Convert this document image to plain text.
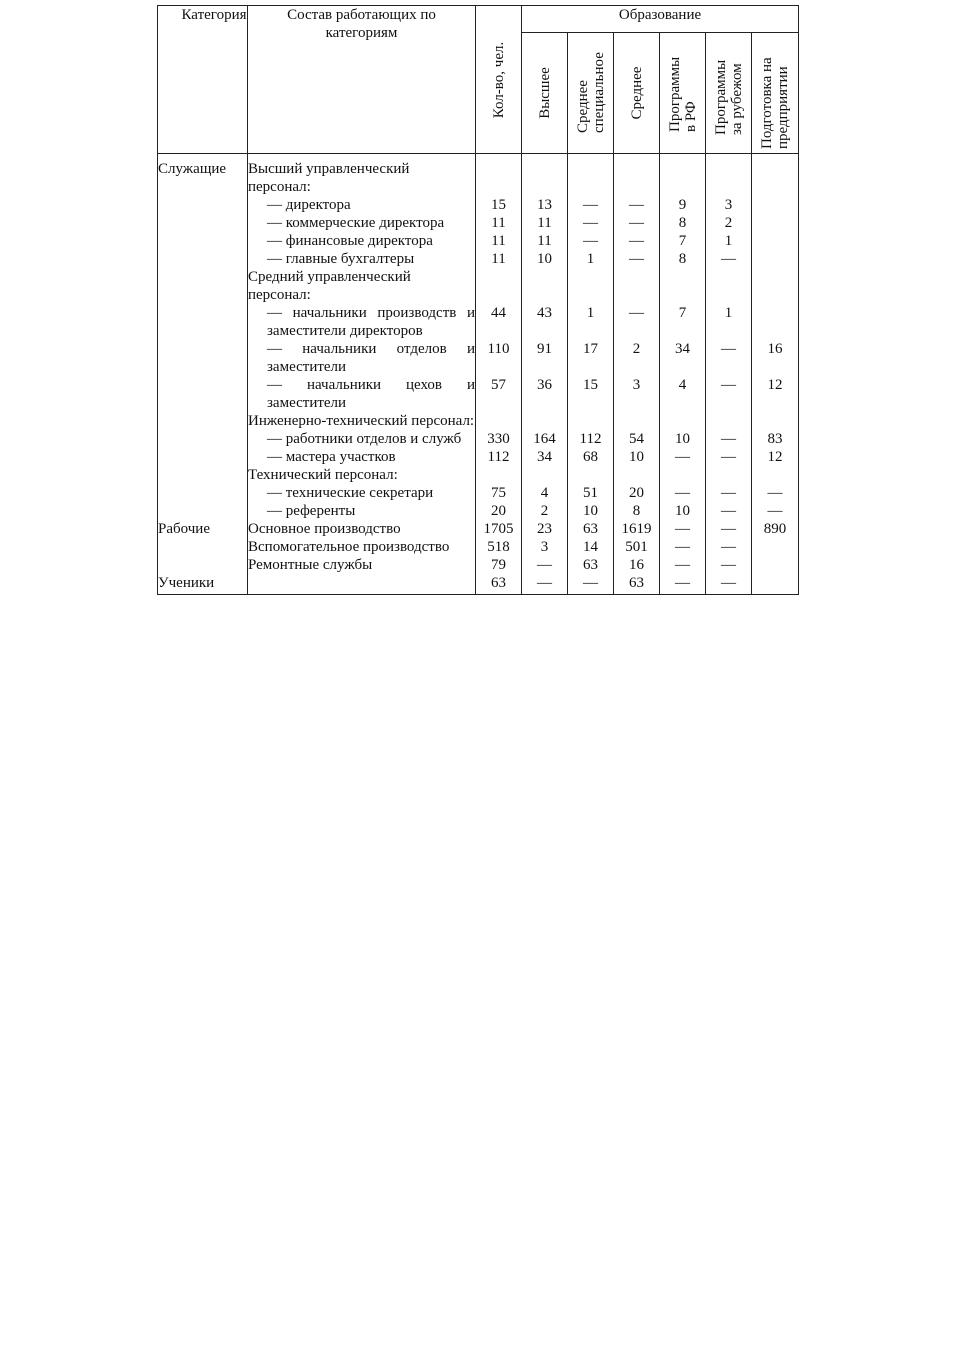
Категория	Состав работающих по категориям	Кол-во, чел.	Образование					

			Высшее	Среднее специальное	Среднее	Программы в РФ	Программы за рубежом	Подготовка на предприятии

Служащие	Высший управленческий персонал:							
	— директора	15	13	—	—	9	3	
	— коммерческие директора	11	11	—	—	8	2	
	— финансовые директора	11	11	—	—	7	1	
	— главные бухгалтеры	11	10	1	—	8	—	
	Средний управленческий персонал:							
	— начальники производств и заместители директоров	44	43	1	—	7	1	
	— начальники отделов и заместители	110	91	17	2	34	—	16
	— начальники цехов и заместители	57	36	15	3	4	—	12
	Инженерно-технический персонал:							
	— работники отделов и служб	330	164	112	54	10	—	83
	— мастера участков	112	34	68	10	—	—	12
	Технический персонал:							
	— технические секретари	75	4	51	20	—	—	—
	— референты	20	2	10	8	10	—	—
Рабочие	Основное производство	1705	23	63	1619	—	—	890
	Вспомогательное производство	518	3	14	501	—	—	
	Ремонтные службы	79	—	63	16	—	—	
Ученики		63	—	—	63	—	—	
